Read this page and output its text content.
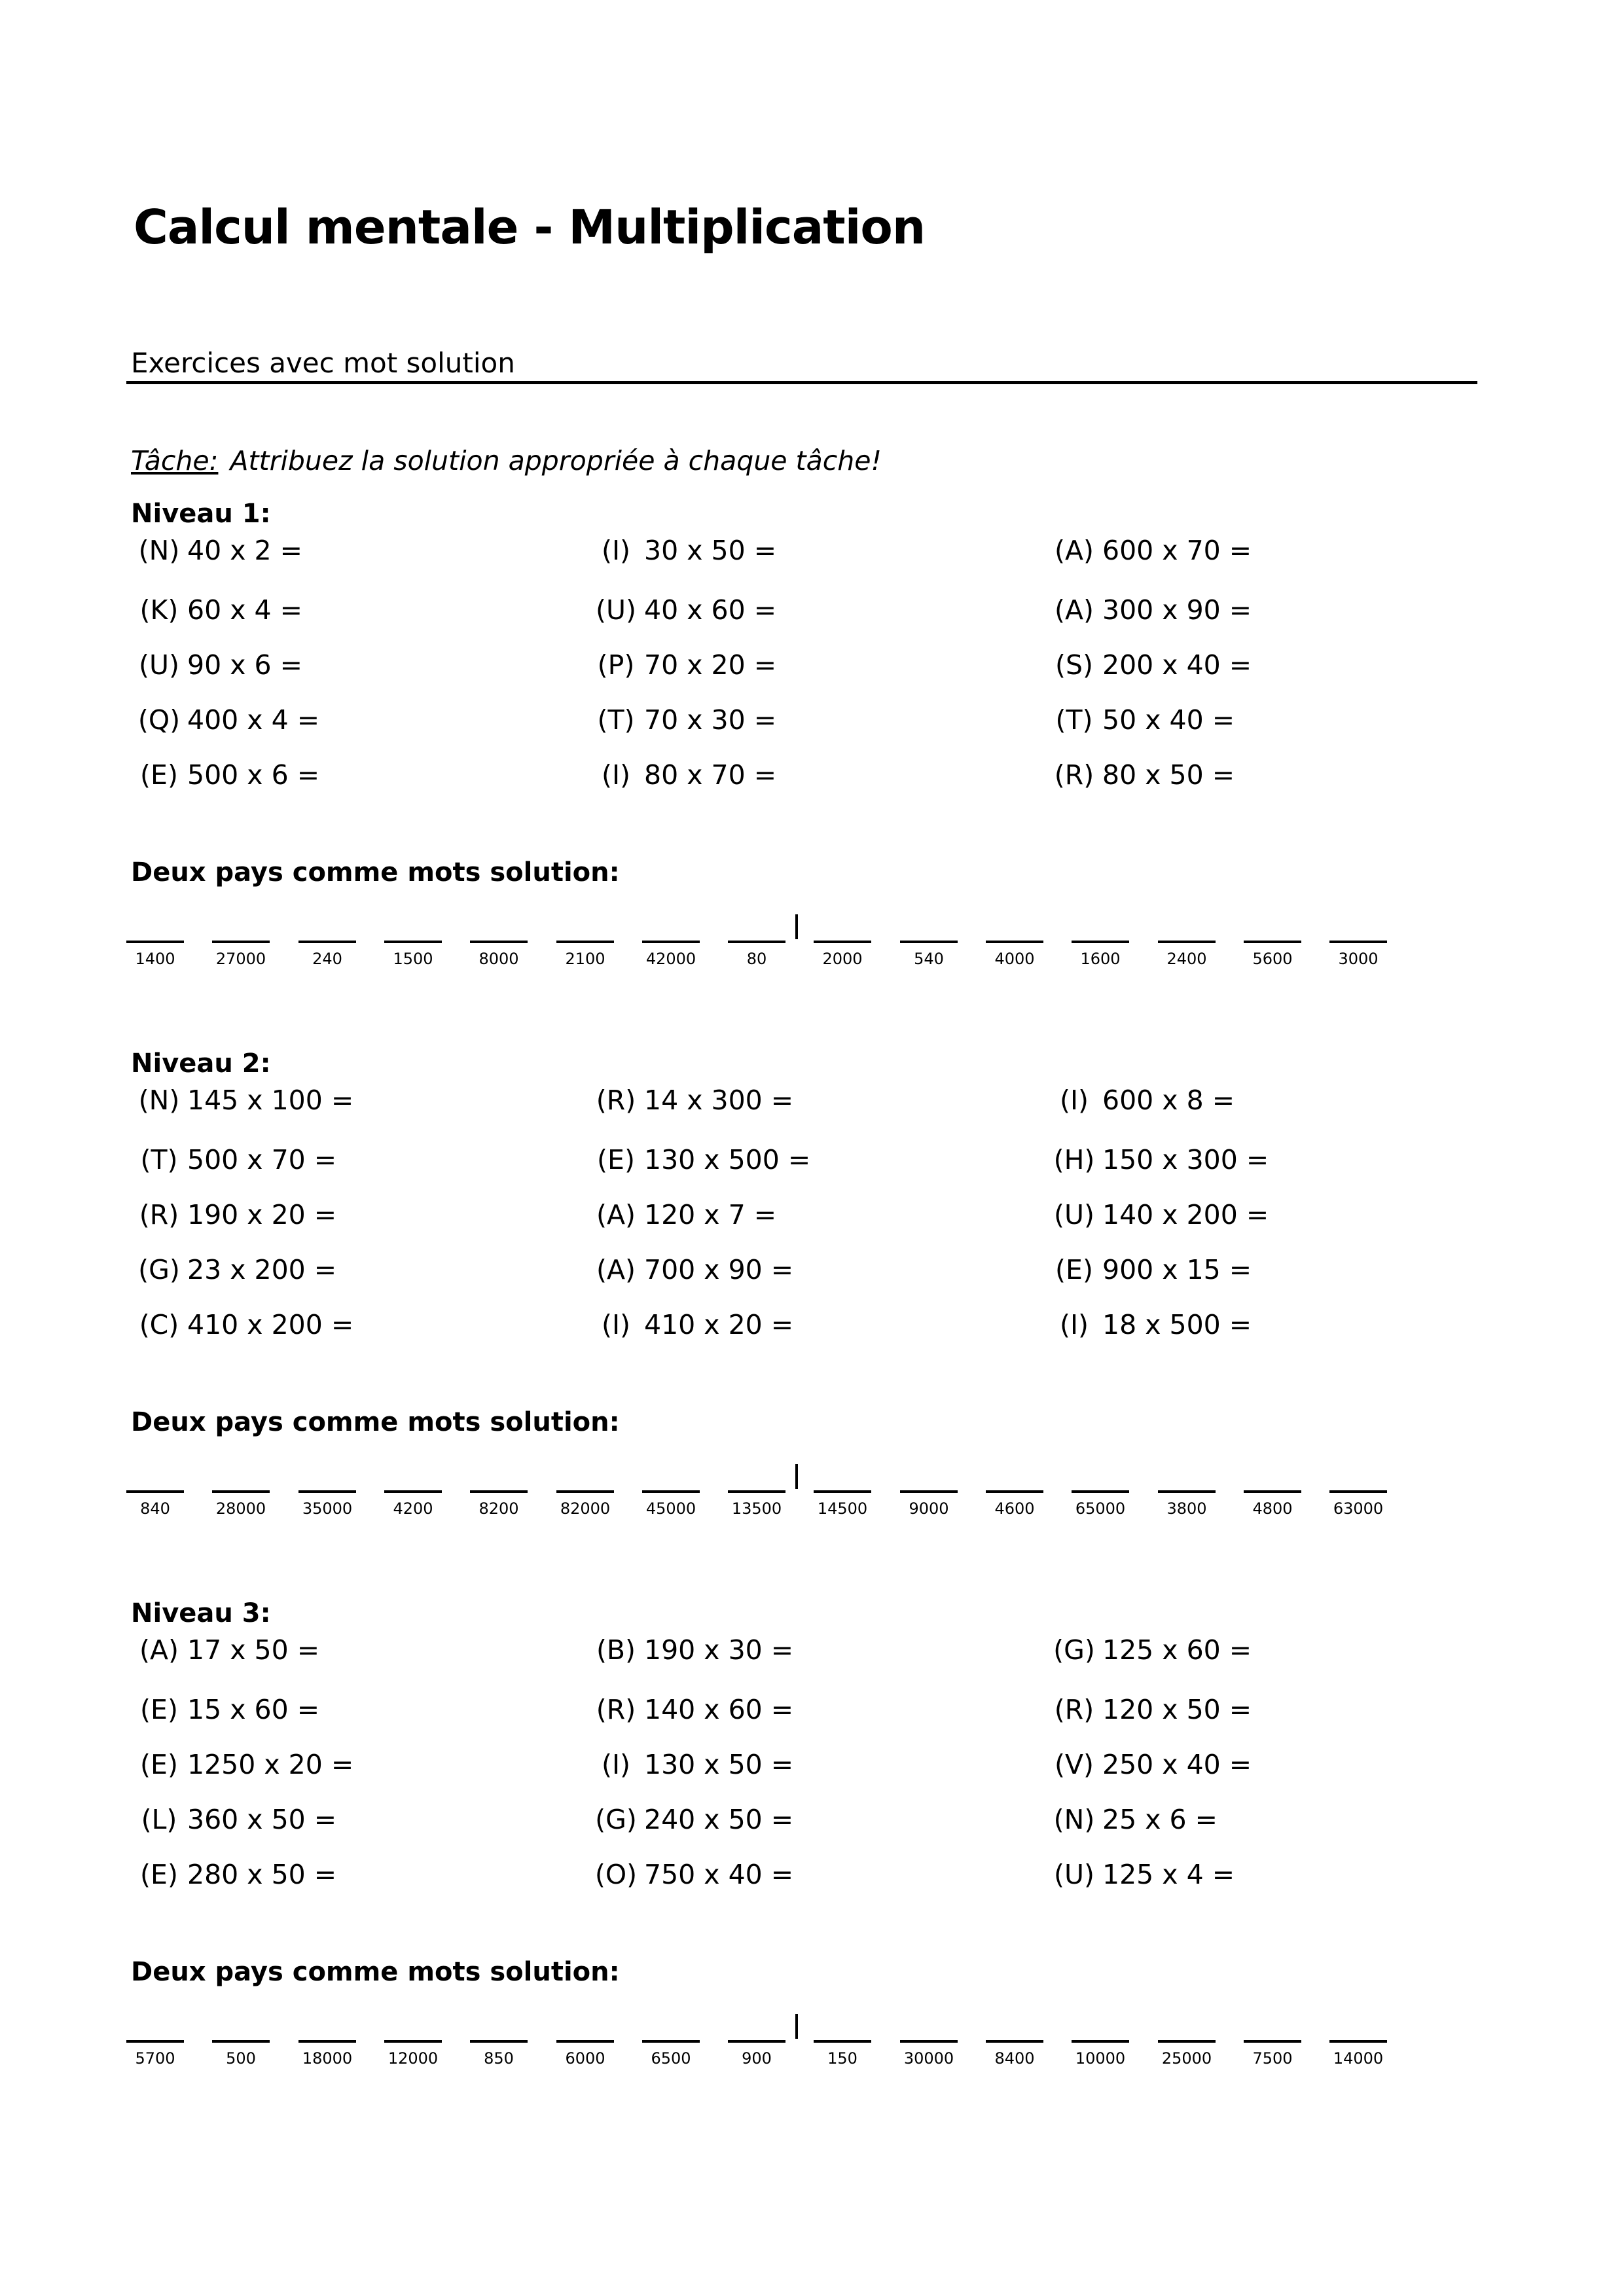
Calcul mentale - Multiplication
Exercices avec mot solution
Tâche: Attribuez la solution appropriée à chaque tâche!
Niveau 1:
(N) 40 x 2 =	(I) 30 x 50 =	(A) 600 x 70 =
(K) 60 x 4 =	(U) 40 x 60 =	(A) 300 x 90 =
(U) 90 x 6 =	(P) 70 x 20 =	(S) 200 x 40 =
(Q) 400 x 4 =	(T) 70 x 30 =	(T) 50 x 40 =
(E) 500 x 6 =	(I) 80 x 70 =	(R) 80 x 50 =
Deux pays comme mots solution:
1400	27000	240	1500	8000	2100	42000	80	2000	540	4000	1600	2400	5600	3000
Niveau 2:
(N) 145 x 100 =	(R) 14 x 300 =	(I) 600 x 8 =
(T) 500 x 70 =	(E) 130 x 500 =	(H) 150 x 300 =
(R) 190 x 20 =	(A) 120 x 7 =	(U) 140 x 200 =
(G) 23 x 200 =	(A) 700 x 90 =	(E) 900 x 15 =
(C) 410 x 200 =	(I) 410 x 20 =	(I) 18 x 500 =
Deux pays comme mots solution:
840	28000	35000	4200	8200	82000	45000	13500	14500	9000	4600	65000	3800	4800	63000
Niveau 3:
(A) 17 x 50 =	(B) 190 x 30 =	(G) 125 x 60 =
(E) 15 x 60 =	(R) 140 x 60 =	(R) 120 x 50 =
(E) 1250 x 20 =	(I) 130 x 50 =	(V) 250 x 40 =
(L) 360 x 50 =	(G) 240 x 50 =	(N) 25 x 6 =
(E) 280 x 50 =	(O) 750 x 40 =	(U) 125 x 4 =
Deux pays comme mots solution:
5700	500	18000	12000	850	6000	6500	900	150	30000	8400	10000	25000	7500	14000
